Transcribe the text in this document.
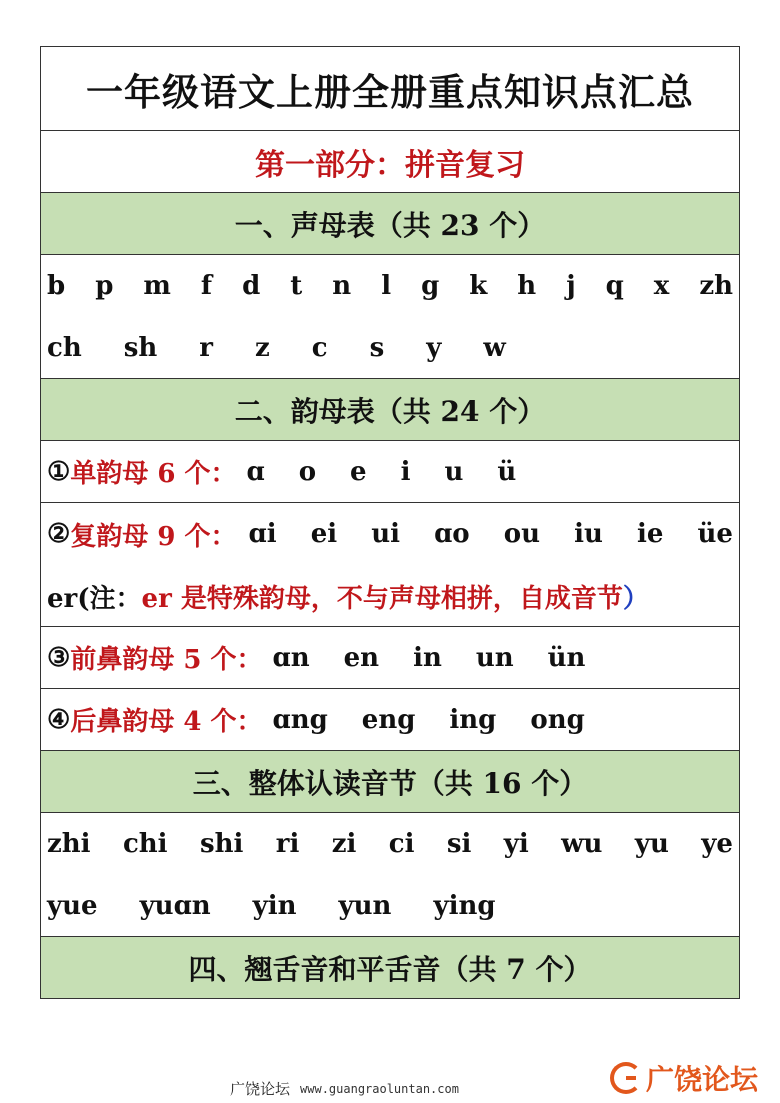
一年级语文上册全册重点知识点汇总
第一部分：拼音复习
一、声母表（共 23 个）
b p m f d t n l g k h j q x zh
ch sh r z c s y w
二、韵母表（共 24 个）
① 单韵母 6 个： ɑ o e i u ü
② 复韵母 9 个： ɑi ei ui ɑo ou iu ie üe
er(注： er 是特殊韵母，不与声母相拼，自成音节 ）
③ 前鼻韵母 5 个： ɑn en in un ün
④ 后鼻韵母 4 个： ɑng eng ing ong
三、整体认读音节（共 16 个）
zhi chi shi ri zi ci si yi wu yu ye
yue yuɑn yin yun ying
四、翘舌音和平舌音（共 7 个）
广饶论坛 www.guangraoluntan.com	广饶论坛
